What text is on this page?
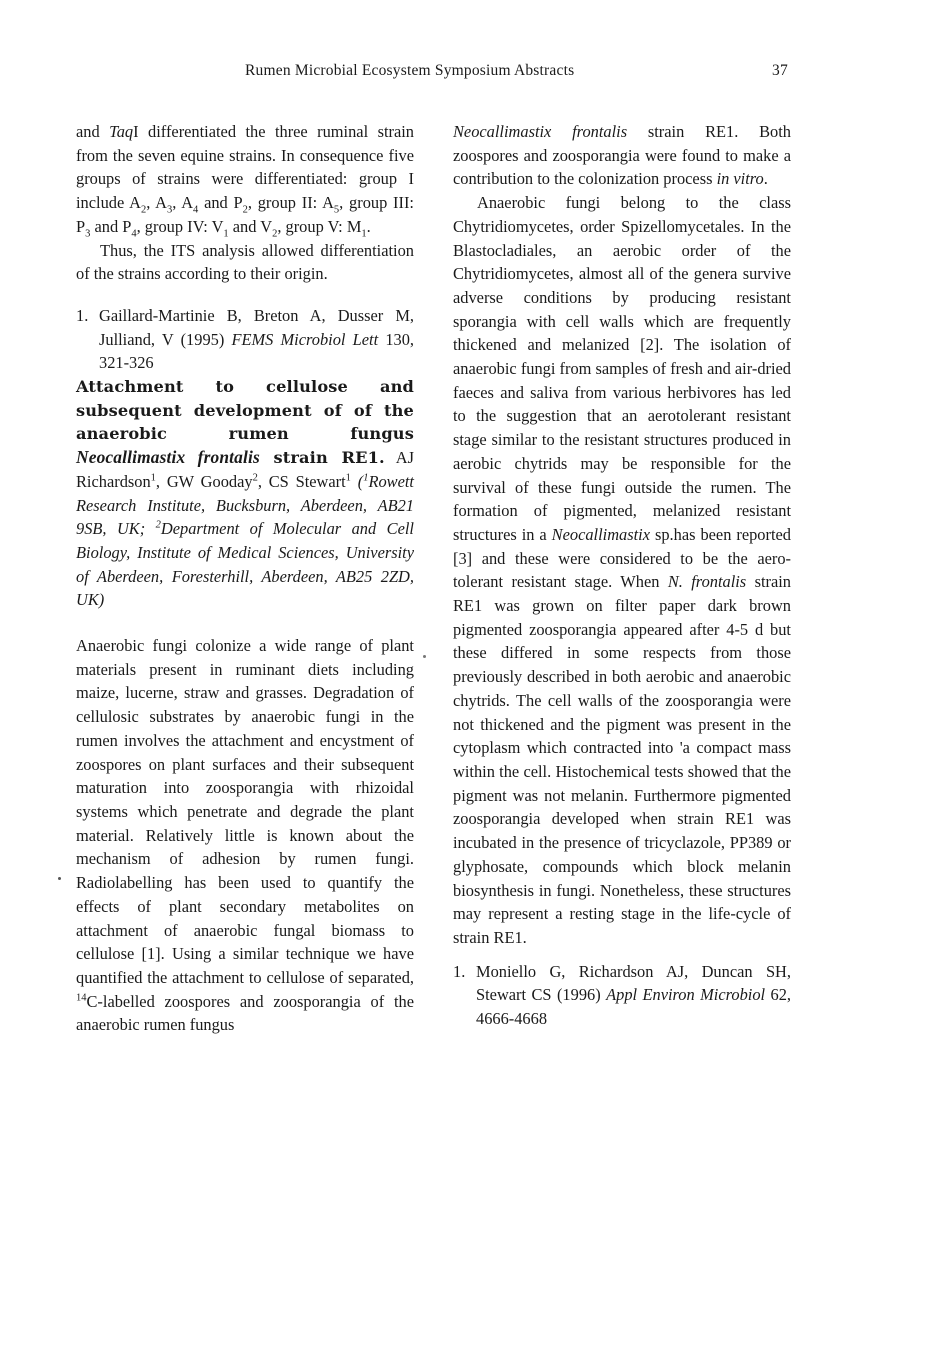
Rumen Microbial Ecosystem Symposium Abstracts	37

and TaqI differentiated the three ruminal strain from the seven equine strains. In consequence five groups of strains were differentiated: group I include $A_2$, $A_3$, $A_4$ and $P_2$, group II: $A_5$, group III: $P_3$ and $P_4$, group IV: $V_1$ and $V_2$, group V: $M_1$.

Thus, the ITS analysis allowed differentiation of the strains according to their origin.

1. Gaillard-Martinie B, Breton A, Dusser M, Julliand, V (1995) FEMS Microbiol Lett 130, 321-326

Attachment to cellulose and subsequent development of of the anaerobic rumen fungus Neocallimastix frontalis strain RE1. AJ Richardson$^1$, GW Gooday$^2$, CS Stewart$^1$ ($^1$Rowett Research Institute, Bucksburn, Aberdeen, AB21 9SB, UK; $^2$Department of Molecular and Cell Biology, Institute of Medical Sciences, University of Aberdeen, Foresterhill, Aberdeen, AB25 2ZD, UK)

Anaerobic fungi colonize a wide range of plant materials present in ruminant diets including maize, lucerne, straw and grasses. Degradation of cellulosic substrates by anaerobic fungi in the rumen involves the attachment and encystment of zoospores on plant surfaces and their subsequent maturation into zoosporangia with rhizoidal systems which penetrate and degrade the plant material. Relatively little is known about the mechanism of adhesion by rumen fungi. Radiolabelling has been used to quantify the effects of plant secondary metabolites on attachment of anaerobic fungal biomass to cellulose [1]. Using a similar technique we have quantified the attachment to cellulose of separated, $^{14}$C-labelled zoospores and zoosporangia of the anaerobic rumen fungus

Neocallimastix frontalis strain RE1. Both zoospores and zoosporangia were found to make a contribution to the colonization process in vitro.

Anaerobic fungi belong to the class Chytridiomycetes, order Spizellomycetales. In the Blastocladiales, an aerobic order of the Chytridiomycetes, almost all of the genera survive adverse conditions by producing resistant sporangia with cell walls which are frequently thickened and melanized [2]. The isolation of anaerobic fungi from samples of fresh and air-dried faeces and saliva from various herbivores has led to the suggestion that an aerotolerant resistant stage similar to the resistant structures produced in aerobic chytrids may be responsible for the survival of these fungi outside the rumen. The formation of pigmented, melanized resistant structures in a Neocallimastix sp.has been reported [3] and these were considered to be the aero-tolerant resistant stage. When N. frontalis strain RE1 was grown on filter paper dark brown pigmented zoosporangia appeared after 4-5 d but these differed in some respects from those previously described in both aerobic and anaerobic chytrids. The cell walls of the zoosporangia were not thickened and the pigment was present in the cytoplasm which contracted into 'a compact mass within the cell. Histochemical tests showed that the pigment was not melanin. Furthermore pigmented zoosporangia developed when strain RE1 was incubated in the presence of tricyclazole, PP389 or glyphosate, compounds which block melanin biosynthesis in fungi. Nonetheless, these structures may represent a resting stage in the life-cycle of strain RE1.

1. Moniello G, Richardson AJ, Duncan SH, Stewart CS (1996) Appl Environ Microbiol 62, 4666-4668
